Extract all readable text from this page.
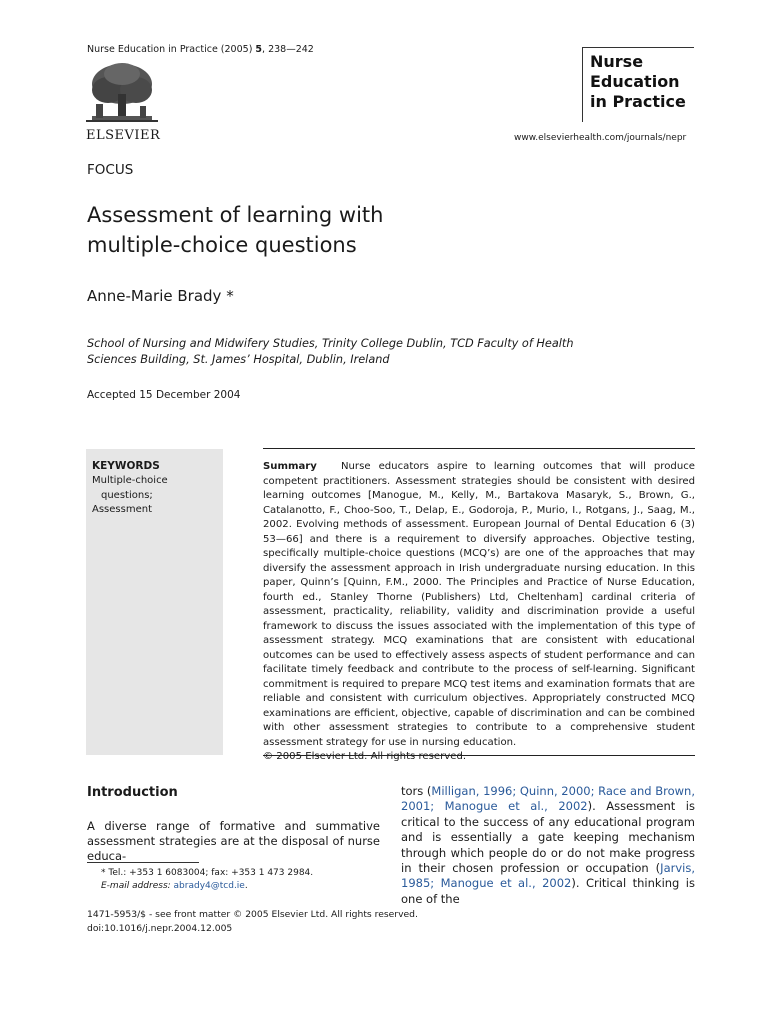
Nurse Education in Practice (2005) 5, 238—242
ELSEVIER
Nurse
Education
in Practice
www.elsevierhealth.com/journals/nepr
FOCUS
Assessment of learning with
multiple-choice questions
Anne-Marie Brady *
School of Nursing and Midwifery Studies, Trinity College Dublin, TCD Faculty of Health
Sciences Building, St. James’ Hospital, Dublin, Ireland
Accepted 15 December 2004
KEYWORDS
Multiple-choice
questions;
Assessment
Summary Nurse educators aspire to learning outcomes that will produce competent practitioners. Assessment strategies should be consistent with desired learning outcomes [Manogue, M., Kelly, M., Bartakova Masaryk, S., Brown, G., Catalanotto, F., Choo-Soo, T., Delap, E., Godoroja, P., Murio, I., Rotgans, J., Saag, M., 2002. Evolving methods of assessment. European Journal of Dental Education 6 (3) 53—66] and there is a requirement to diversify approaches. Objective testing, specifically multiple-choice questions (MCQ’s) are one of the approaches that may diversify the assessment approach in Irish undergraduate nursing education. In this paper, Quinn’s [Quinn, F.M., 2000. The Principles and Practice of Nurse Education, fourth ed., Stanley Thorne (Publishers) Ltd, Cheltenham] cardinal criteria of assessment, practicality, reliability, validity and discrimination provide a useful framework to discuss the issues associated with the implementation of this type of assessment strategy. MCQ examinations that are consistent with educational outcomes can be used to effectively assess aspects of student performance and can facilitate timely feedback and contribute to the process of self-learning. Significant commitment is required to prepare MCQ test items and examination formats that are reliable and consistent with curriculum objectives. Appropriately constructed MCQ examinations are efficient, objective, capable of discrimination and can be combined with other assessment strategies to contribute to a comprehensive student assessment strategy for use in nursing education.
© 2005 Elsevier Ltd. All rights reserved.
Introduction
A diverse range of formative and summative assessment strategies are at the disposal of nurse educa-
tors (Milligan, 1996; Quinn, 2000; Race and Brown, 2001; Manogue et al., 2002). Assessment is critical to the success of any educational program and is essentially a gate keeping mechanism through which people do or do not make progress in their chosen profession or occupation (Jarvis, 1985; Manogue et al., 2002). Critical thinking is one of the
* Tel.: +353 1 6083004; fax: +353 1 473 2984.
E-mail address: abrady4@tcd.ie.
1471-5953/$ - see front matter © 2005 Elsevier Ltd. All rights reserved.
doi:10.1016/j.nepr.2004.12.005
